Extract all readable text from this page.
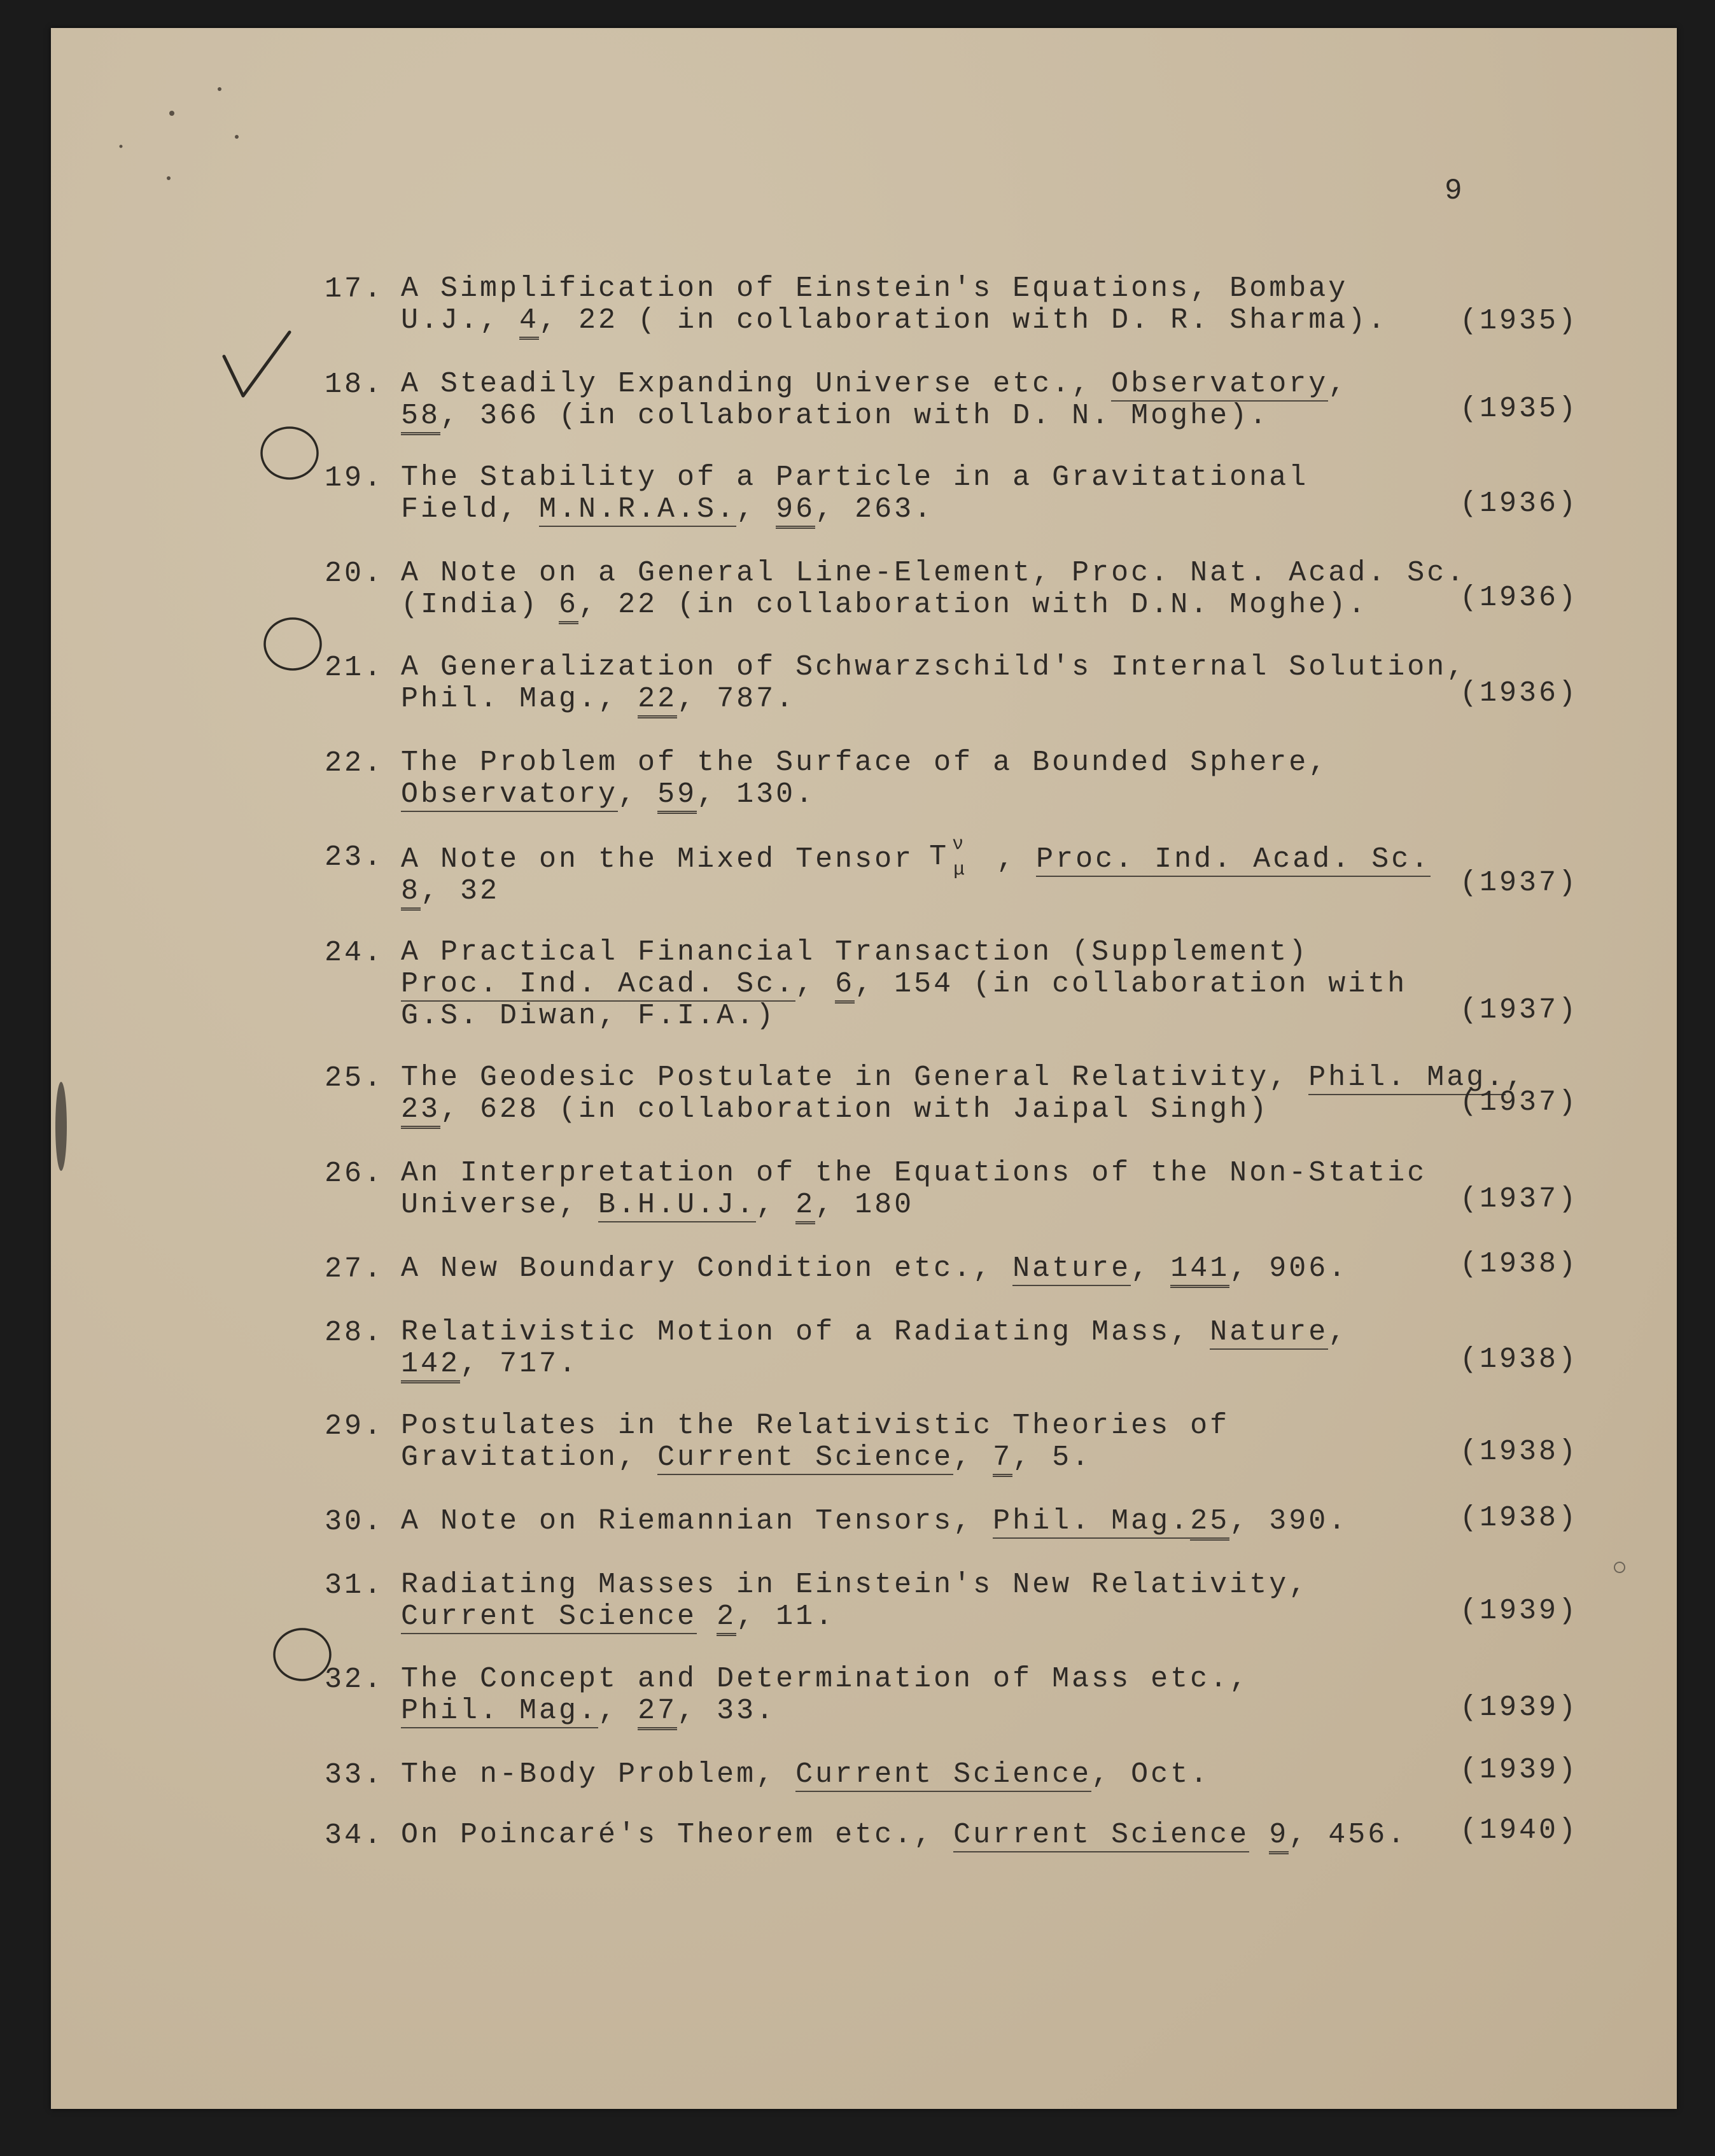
9
17. A Simplification of Einstein's Equations, Bombay
U.J., 4, 22 ( in collaboration with D. R. Sharma).	(1935)
18. A Steadily Expanding Universe etc., Observatory,
58, 366 (in collaboration with D. N. Moghe).	(1935)
19. The Stability of a Particle in a Gravitational
Field, M.N.R.A.S., 96, 263.	(1936)
20. A Note on a General Line-Element, Proc. Nat. Acad. Sc.
(India) 6, 22 (in collaboration with D.N. Moghe).	(1936)
21. A Generalization of Schwarzschild's Internal Solution,
Phil. Mag., 22, 787.	(1936)
22. The Problem of the Surface of a Bounded Sphere,
Observatory, 59, 130.
23. A Note on the Mixed Tensor T ν
μ , Proc. Ind. Acad. Sc.
8, 32	(1937)
24. A Practical Financial Transaction (Supplement)
Proc. Ind. Acad. Sc., 6, 154 (in collaboration with
G.S. Diwan, F.I.A.)	(1937)
25. The Geodesic Postulate in General Relativity, Phil. Mag.,
23, 628 (in collaboration with Jaipal Singh)	(1937)
26. An Interpretation of the Equations of the Non-Static
Universe, B.H.U.J., 2, 180	(1937)
27. A New Boundary Condition etc., Nature, 141, 906.	(1938)
28. Relativistic Motion of a Radiating Mass, Nature,
142, 717.	(1938)
29. Postulates in the Relativistic Theories of
Gravitation, Current Science, 7, 5.	(1938)
30. A Note on Riemannian Tensors, Phil. Mag.25, 390.	(1938)
31. Radiating Masses in Einstein's New Relativity,
Current Science 2, 11.	(1939)
32. The Concept and Determination of Mass etc.,
Phil. Mag., 27, 33.	(1939)
33. The n-Body Problem, Current Science, Oct.	(1939)
34. On Poincaré's Theorem etc., Current Science 9, 456.	(1940)
